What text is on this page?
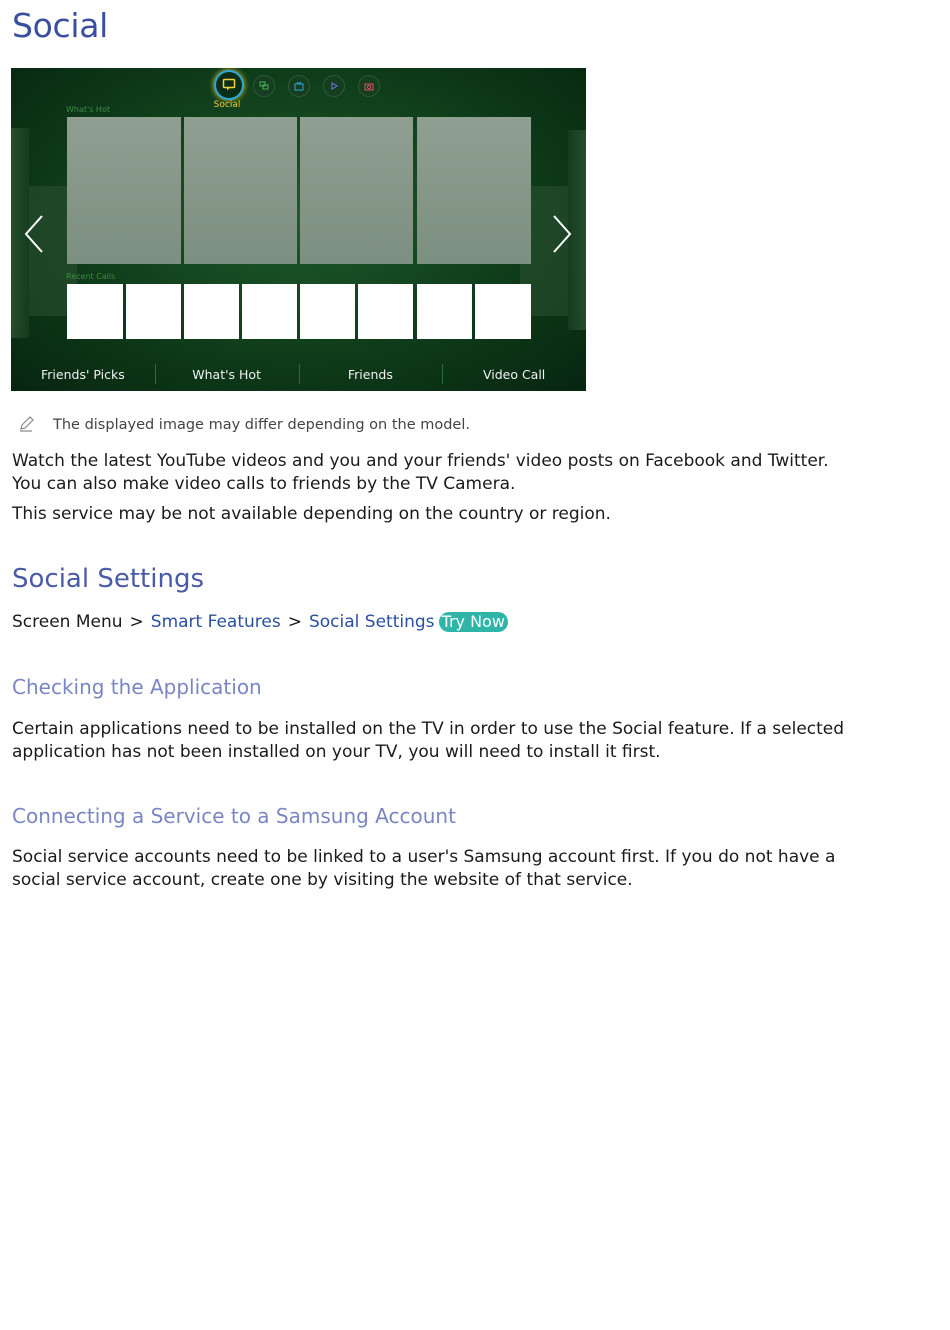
Social
Social
What's Hot
Recent Calls
Friends' Picks	What's Hot	Friends	Video Call
The displayed image may differ depending on the model.
Watch the latest YouTube videos and you and your friends' video posts on Facebook and Twitter. You can also make video calls to friends by the TV Camera.
This service may be not available depending on the country or region.
Social Settings
Screen Menu > Smart Features > Social Settings Try Now
Checking the Application
Certain applications need to be installed on the TV in order to use the Social feature. If a selected application has not been installed on your TV, you will need to install it first.
Connecting a Service to a Samsung Account
Social service accounts need to be linked to a user's Samsung account first. If you do not have a social service account, create one by visiting the website of that service.
